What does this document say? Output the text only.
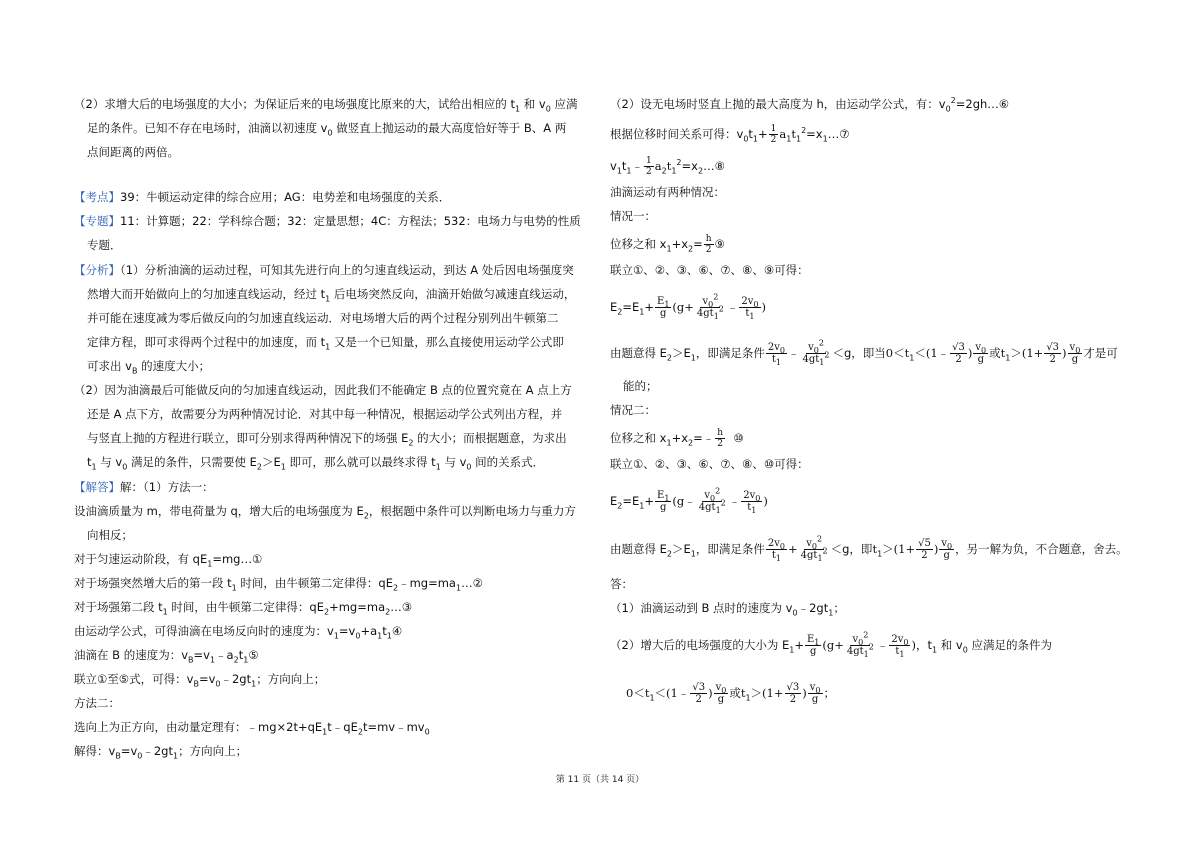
（2）求增大后的电场强度的大小；为保证后来的电场强度比原来的大，试给出相应的 $t_1$ 和 $v_0$ 应满
足的条件。已知不存在电场时，油滴以初速度 $v_0$ 做竖直上抛运动的最大高度恰好等于 B、A 两
点间距离的两倍。
【考点】39：牛顿运动定律的综合应用；AG：电势差和电场强度的关系．
【专题】11：计算题；22：学科综合题；32：定量思想；4C：方程法；532：电场力与电势的性质
专题．
【分析】（1）分析油滴的运动过程，可知其先进行向上的匀速直线运动，到达 A 处后因电场强度突
然增大而开始做向上的匀加速直线运动，经过 $t_1$ 后电场突然反向，油滴开始做匀减速直线运动，
并可能在速度减为零后做反向的匀加速直线运动．对电场增大后的两个过程分别列出牛顿第二
定律方程，即可求得两个过程中的加速度，而 $t_1$ 又是一个已知量，那么直接使用运动学公式即
可求出 $v_B$ 的速度大小；
（2）因为油滴最后可能做反向的匀加速直线运动，因此我们不能确定 B 点的位置究竟在 A 点上方
还是 A 点下方，故需要分为两种情况讨论．对其中每一种情况，根据运动学公式列出方程，并
与竖直上抛的方程进行联立，即可分别求得两种情况下的场强 $E_2$ 的大小；而根据题意，为求出
$t_1$ 与 $v_0$ 满足的条件，只需要使 $E_2>E_1$ 即可，那么就可以最终求得 $t_1$ 与 $v_0$ 间的关系式．
【解答】解：（1）方法一：
设油滴质量为 m，带电荷量为 q，增大后的电场强度为 $E_2$，根据题中条件可以判断电场力与重力方
向相反；
对于匀速运动阶段，有 $qE_1=mg\dots ①$
对于场强突然增大后的第一段 $t_1$ 时间，由牛顿第二定律得：$qE_2﹣mg=ma_1\dots ②$
对于场强第二段 $t_1$ 时间，由牛顿第二定律得：$qE_2+mg=ma_2\dots ③$
由运动学公式，可得油滴在电场反向时的速度为：$v_1=v_0+a_1t_1④$
油滴在 B 的速度为：$v_B=v_1﹣a_2t_1⑤$
联立①至⑤式，可得：$v_B=v_0﹣2gt_1$；方向向上；
方法二：
选向上为正方向，由动量定理有：$﹣mg\times 2t+qE_1t﹣qE_2t=mv﹣mv_0$
解得：$v_B=v_0﹣2gt_1$；方向向上；
（2）设无电场时竖直上抛的最大高度为 h，由运动学公式，有：$v_0^2=2gh\dots ⑥$
根据位移时间关系可得：$v_0t_1+ \frac{1}{2}$ $a_1t_1^2=x_1\dots ⑦$
$v_1t_1﹣ \frac{1}{2}$ $a_2t_1^2=x_2\dots ⑧$
油滴运动有两种情况：
情况一：
位移之和 $x_1+x_2= \frac{h}{2}$ ⑨
联立①、②、③、⑥、⑦、⑧、⑨可得：
$E_2=E_1+ \frac{E_1}{g} (g+ \frac{v_0^2}{4gt_1^2}$ ﹣ $\frac{2v_0}{t_1}$ )
由题意得 $E_2>E_1$，即满足条件 $\frac{2v_0}{t_1}$ ﹣ $\frac{v_0^2}{4gt_1^2} <g$，即当$0<t_1<(1﹣ \frac{√3}{2}$ ) $\frac{v_0}{g}$ 或$t_1>(1+ \frac{√3}{2}$ ) $\frac{v_0}{g}$ 才是可
能的；
情况二：
位移之和 $x_1+x_2=﹣ \frac{h}{2}$ ⑩
联立①、②、③、⑥、⑦、⑧、⑩可得：
$E_2=E_1+ \frac{E_1}{g}$ (g﹣ $\frac{v_0^2}{4gt_1^2}$ ﹣ $\frac{2v_0}{t_1}$ )
由题意得 $E_2>E_1$，即满足条件 $\frac{2v_0}{t_1} + \frac{v_0^2}{4gt_1^2} <g$，即$t_1>(1+ \frac{√5}{2}$ ) $\frac{v_0}{g}$ ，另一解为负，不合题意，舍去。
答：
（1）油滴运动到 B 点时的速度为 $v_0﹣2gt_1$；
（2）增大后的电场强度的大小为 $E_1+ \frac{E_1}{g} (g+ \frac{v_0^2}{4gt_1^2}$ ﹣ $\frac{2v_0}{t_1}$ )，$t_1$ 和 $v_0$ 应满足的条件为
$0<t_1<(1﹣ \frac{√3}{2}$ ) $\frac{v_0}{g}$ 或$t_1>(1+ \frac{√3}{2}$ ) $\frac{v_0}{g}$ ；
第 11 页（共 14 页）
